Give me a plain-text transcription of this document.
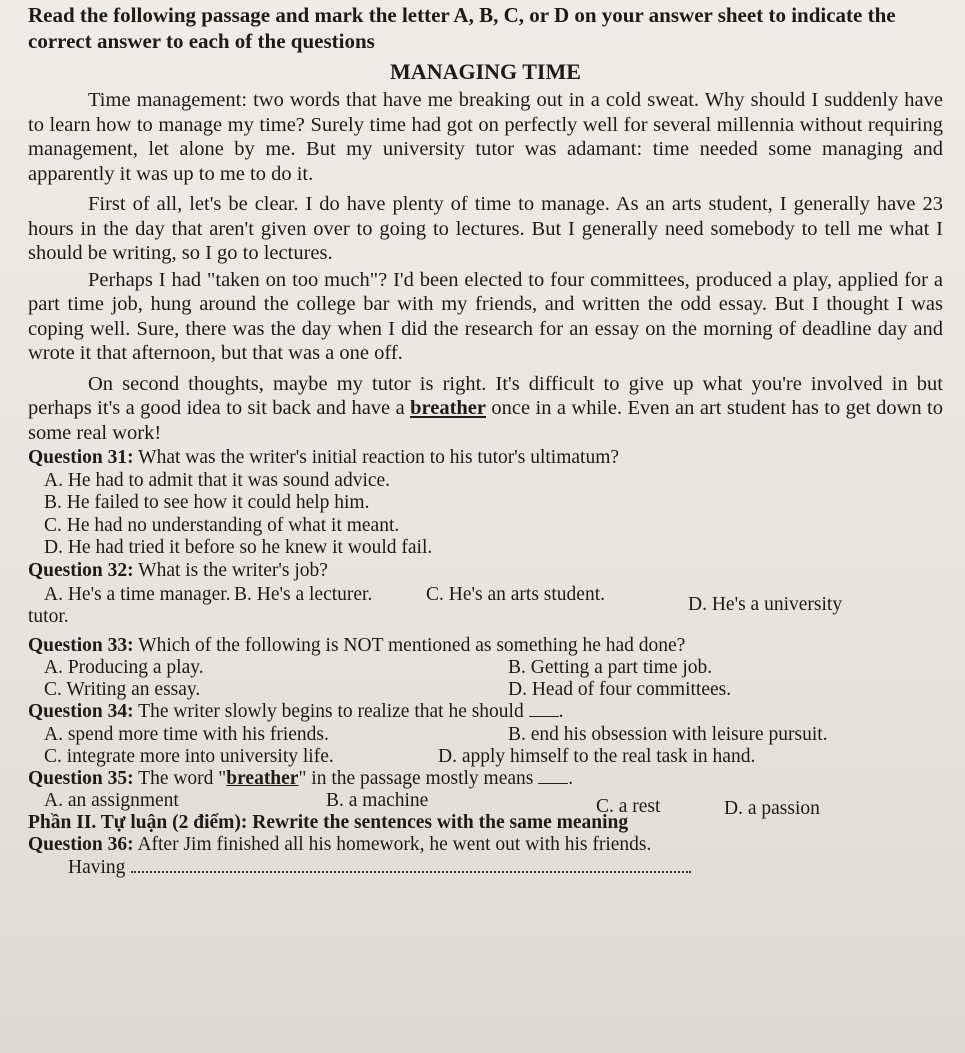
Read the following passage and mark the letter A, B, C, or D on your answer sheet to indicate the correct answer to each of the questions

MANAGING TIME

Time management: two words that have me breaking out in a cold sweat. Why should I suddenly have to learn how to manage my time? Surely time had got on perfectly well for several millennia without requiring management, let alone by me. But my university tutor was adamant: time needed some managing and apparently it was up to me to do it.

First of all, let's be clear. I do have plenty of time to manage. As an arts student, I generally have 23 hours in the day that aren't given over to going to lectures. But I generally need somebody to tell me what I should be writing, so I go to lectures.

Perhaps I had "taken on too much"? I'd been elected to four committees, produced a play, applied for a part time job, hung around the college bar with my friends, and written the odd essay. But I thought I was coping well. Sure, there was the day when I did the research for an essay on the morning of deadline day and wrote it that afternoon, but that was a one off.

On second thoughts, maybe my tutor is right. It's difficult to give up what you're involved in but perhaps it's a good idea to sit back and have a breather once in a while. Even an art student has to get down to some real work!

Question 31: What was the writer's initial reaction to his tutor's ultimatum?

A. He had to admit that it was sound advice.

B. He failed to see how it could help him.

C. He had no understanding of what it meant.

D. He had tried it before so he knew it would fail.

Question 32: What is the writer's job?

A. He's a time manager. B. He's a lecturer.	C. He's an arts student.	D. He's a university

tutor.

Question 33: Which of the following is NOT mentioned as something he had done?

A. Producing a play.	B. Getting a part time job.
C. Writing an essay.	D. Head of four committees.

Question 34: The writer slowly begins to realize that he should .

A. spend more time with his friends.	B. end his obsession with leisure pursuit.
C. integrate more into university life.	D. apply himself to the real task in hand.

Question 35: The word "breather" in the passage mostly means .

A. an assignment	B. a machine	C. a rest	D. a passion

Phần II. Tự luận (2 điểm): Rewrite the sentences with the same meaning

Question 36: After Jim finished all his homework, he went out with his friends.

Having
